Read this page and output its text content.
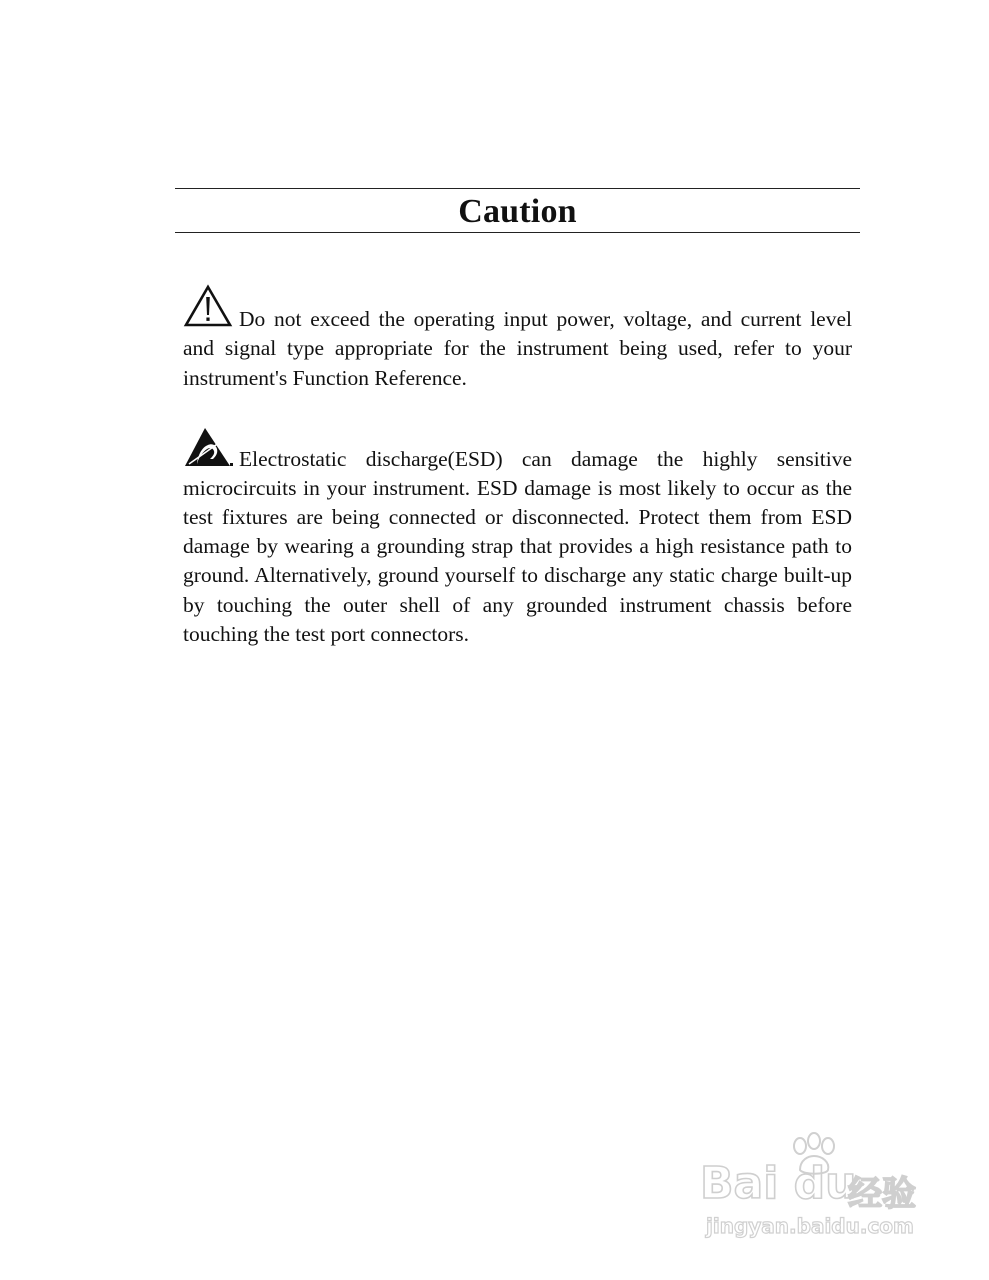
Caution

Do not exceed the operating input power, voltage, and current level and signal type appropriate for the instrument being used, refer to your instrument's Function Reference.

Electrostatic discharge(ESD) can damage the highly sensitive microcircuits in your instrument. ESD damage is most likely to occur as the test fixtures are being connected or disconnected. Protect them from ESD damage by wearing a grounding strap that provides a high resistance path to ground. Alternatively, ground yourself to discharge any static charge built-up by touching the outer shell of any grounded instrument chassis before touching the test port connectors.

Bai du
经验
jingyan.baidu.com
